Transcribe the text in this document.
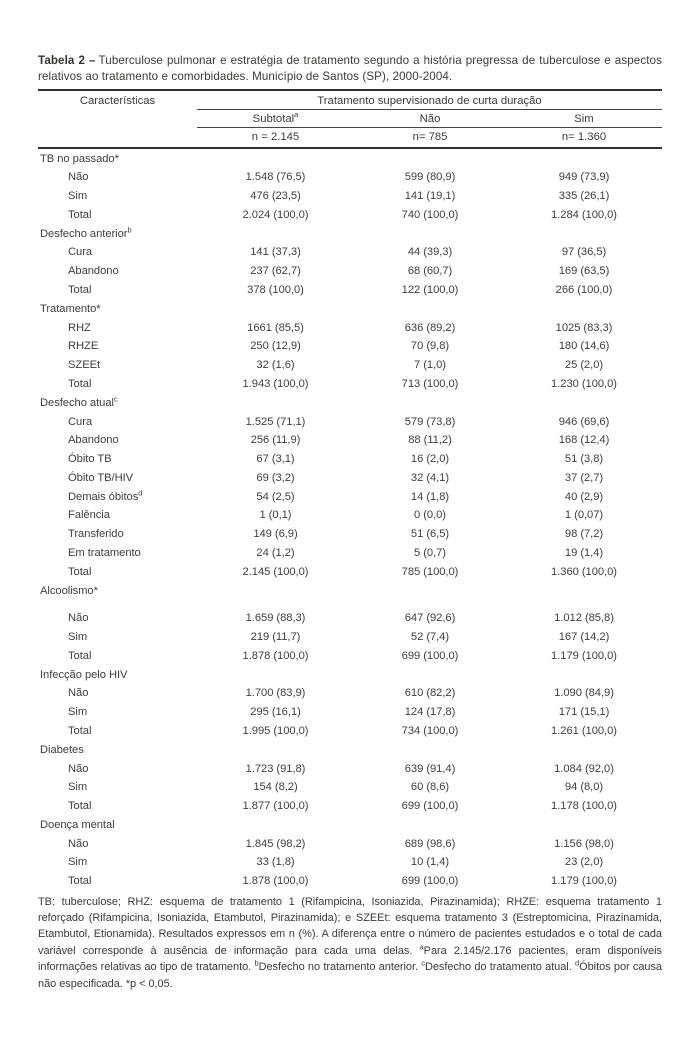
Tabela 2 – Tuberculose pulmonar e estratégia de tratamento segundo a história pregressa de tuberculose e aspectos relativos ao tratamento e comorbidades. Município de Santos (SP), 2000-2004.
Características	Tratamento supervisionado de curta duração		
	Subtotal$^a$	Não	Sim
	n = 2.145	n= 785	n= 1.360
TB no passado*			
Não	1.548 (76,5)	599 (80,9)	949 (73,9)
Sim	476 (23,5)	141 (19,1)	335 (26,1)
Total	2.024 (100,0)	740 (100,0)	1.284 (100,0)
Desfecho anterior$^b$
Cura	141 (37,3)	44 (39,3)	97 (36,5)
Abandono	237 (62,7)	68 (60,7)	169 (63,5)
Total	378 (100,0)	122 (100,0)	266 (100,0)
Tratamento*			
RHZ	1661 (85,5)	636 (89,2)	1025 (83,3)
RHZE	250 (12,9)	70 (9,8)	180 (14,6)
SZEEt	32 (1,6)	7 (1,0)	25 (2,0)
Total	1.943 (100,0)	713 (100,0)	1.230 (100,0)
Desfecho atual$^c$
Cura	1.525 (71,1)	579 (73,8)	946 (69,6)
Abandono	256 (11,9)	88 (11,2)	168 (12,4)
Óbito TB	67 (3,1)	16 (2,0)	51 (3,8)
Óbito TB/HIV	69 (3,2)	32 (4,1)	37 (2,7)
Demais óbitos$^d$	54 (2,5)	14 (1,8)	40 (2,9)
Falência	1 (0,1)	0 (0,0)	1 (0,07)
Transferido	149 (6,9)	51 (6,5)	98 (7,2)
Em tratamento	24 (1,2)	5 (0,7)	19 (1,4)
Total	2.145 (100,0)	785 (100,0)	1.360 (100,0)
Alcoolismo*			

Não	1.659 (88,3)	647 (92,6)	1.012 (85,8)
Sim	219 (11,7)	52 (7,4)	167 (14,2)
Total	1.878 (100,0)	699 (100,0)	1.179 (100,0)
Infecção pelo HIV			
Não	1.700 (83,9)	610 (82,2)	1.090 (84,9)
Sim	295 (16,1)	124 (17,8)	171 (15,1)
Total	1.995 (100,0)	734 (100,0)	1.261 (100,0)
Diabetes			
Não	1.723 (91,8)	639 (91,4)	1.084 (92,0)
Sim	154 (8,2)	60 (8,6)	94 (8,0)
Total	1.877 (100,0)	699 (100,0)	1.178 (100,0)
Doença mental			
Não	1.845 (98,2)	689 (98,6)	1.156 (98,0)
Sim	33 (1,8)	10 (1,4)	23 (2,0)
Total	1.878 (100,0)	699 (100,0)	1.179 (100,0)
TB: tuberculose; RHZ: esquema de tratamento 1 (Rifampicina, Isoniazida, Pirazinamida); RHZE: esquema tratamento 1 reforçado (Rifampicina, Isoniazida, Etambutol, Pirazinamida); e SZEEt: esquema tratamento 3 (Estreptomicina, Pirazinamida, Etambutol, Etionamida). Resultados expressos em n (%). A diferença entre o número de pacientes estudados e o total de cada variável corresponde à ausência de informação para cada uma delas. $^a$Para 2.145/2.176 pacientes, eram disponíveis informações relativas ao tipo de tratamento. $^b$Desfecho no tratamento anterior. $^c$Desfecho do tratamento atual. $^d$Óbitos por causa não especificada. *p < 0,05.
